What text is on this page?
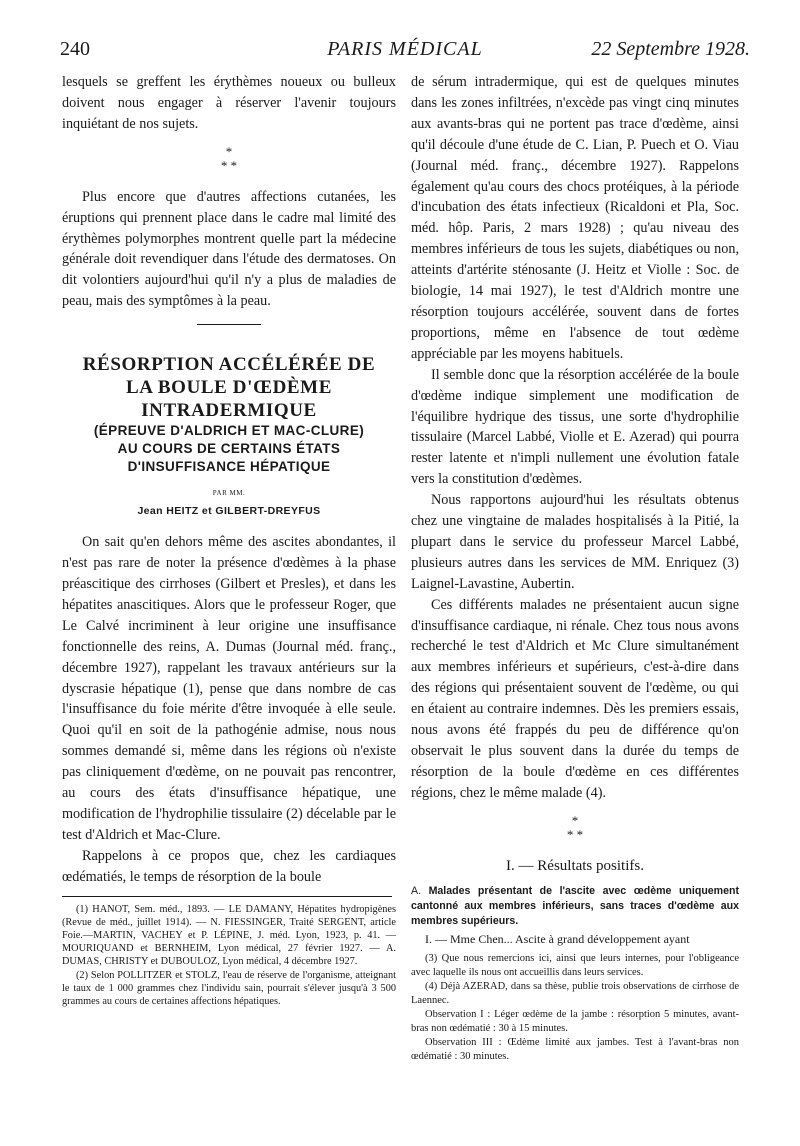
240	PARIS MÉDICAL	22 Septembre 1928.

lesquels se greffent les érythèmes noueux ou bulleux doivent nous engager à réserver l'avenir toujours inquiétant de nos sujets.

*
* *

Plus encore que d'autres affections cutanées, les éruptions qui prennent place dans le cadre mal limité des érythèmes polymorphes montrent quelle part la médecine générale doit revendiquer dans l'étude des dermatoses. On dit volontiers aujourd'hui qu'il n'y a plus de maladies de peau, mais des symptômes à la peau.

RÉSORPTION ACCÉLÉRÉE DE
LA BOULE D'ŒDÈME
INTRADERMIQUE
(ÉPREUVE D'ALDRICH ET MAC-CLURE)
AU COURS DE CERTAINS ÉTATS
D'INSUFFISANCE HÉPATIQUE
PAR MM.
Jean HEITZ et GILBERT-DREYFUS

On sait qu'en dehors même des ascites abondantes, il n'est pas rare de noter la présence d'œdèmes à la phase préascitique des cirrhoses (Gilbert et Presles), et dans les hépatites anascitiques. Alors que le professeur Roger, que Le Calvé incriminent à leur origine une insuffisance fonctionnelle des reins, A. Dumas (Journal méd. franç., décembre 1927), rappelant les travaux antérieurs sur la dyscrasie hépatique (1), pense que dans nombre de cas l'insuffisance du foie mérite d'être invoquée à elle seule. Quoi qu'il en soit de la pathogénie admise, nous nous sommes demandé si, même dans les régions où n'existe pas cliniquement d'œdème, on ne pouvait pas rencontrer, au cours des états d'insuffisance hépatique, une modification de l'hydrophilie tissulaire (2) décelable par le test d'Aldrich et Mac-Clure.

Rappelons à ce propos que, chez les cardiaques œdématiés, le temps de résorption de la boule

(1) HANOT, Sem. méd., 1893. — LE DAMANY, Hépatites hydropigènes (Revue de méd., juillet 1914). — N. FIESSINGER, Traité SERGENT, article Foie.—MARTIN, VACHEY et P. LÉPINE, J. méd. Lyon, 1923, p. 41. — MOURIQUAND et BERNHEIM, Lyon médical, 27 février 1927. — A. DUMAS, CHRISTY et DUBOULOZ, Lyon médical, 4 décembre 1927.

(2) Selon POLLITZER et STOLZ, l'eau de réserve de l'organisme, atteignant le taux de 1 000 grammes chez l'individu sain, pourrait s'élever jusqu'à 3 500 grammes au cours de certaines affections hépatiques.

de sérum intradermique, qui est de quelques minutes dans les zones infiltrées, n'excède pas vingt cinq minutes aux avants-bras qui ne portent pas trace d'œdème, ainsi qu'il découle d'une étude de C. Lian, P. Puech et O. Viau (Journal méd. franç., décembre 1927). Rappelons également qu'au cours des chocs protéiques, à la période d'incubation des états infectieux (Ricaldoni et Pla, Soc. méd. hôp. Paris, 2 mars 1928) ; qu'au niveau des membres inférieurs de tous les sujets, diabétiques ou non, atteints d'artérite sténosante (J. Heitz et Violle : Soc. de biologie, 14 mai 1927), le test d'Aldrich montre une résorption toujours accélérée, souvent dans de fortes proportions, même en l'absence de tout œdème appréciable par les moyens habituels.

Il semble donc que la résorption accélérée de la boule d'œdème indique simplement une modification de l'équilibre hydrique des tissus, une sorte d'hydrophilie tissulaire (Marcel Labbé, Violle et E. Azerad) qui pourra rester latente et n'impli nullement une évolution fatale vers la constitution d'œdèmes.

Nous rapportons aujourd'hui les résultats obtenus chez une vingtaine de malades hospitalisés à la Pitié, la plupart dans le service du professeur Marcel Labbé, plusieurs autres dans les services de MM. Enriquez (3) Laignel-Lavastine, Aubertin.

Ces différents malades ne présentaient aucun signe d'insuffisance cardiaque, ni rénale. Chez tous nous avons recherché le test d'Aldrich et Mc Clure simultanément aux membres inférieurs et supérieurs, c'est-à-dire dans des régions qui présentaient souvent de l'œdème, ou qui en étaient au contraire indemnes. Dès les premiers essais, nous avons été frappés du peu de différence qu'on observait le plus souvent dans la durée du temps de résorption de la boule d'œdème en ces différentes régions, chez le même malade (4).

*
* *
I. — Résultats positifs.
A. Malades présentant de l'ascite avec œdème uniquement cantonné aux membres inférieurs, sans traces d'œdème aux membres supérieurs.

I. — Mme Chen... Ascite à grand développement ayant

(3) Que nous remercions ici, ainsi que leurs internes, pour l'obligeance avec laquelle ils nous ont accueillis dans leurs services.

(4) Déjà AZERAD, dans sa thèse, publie trois observations de cirrhose de Laennec.

Observation I : Léger œdème de la jambe : résorption 5 minutes, avant-bras non œdématié : 30 à 15 minutes.

Observation III : Œdème limité aux jambes. Test à l'avant-bras non œdématié : 30 minutes.
